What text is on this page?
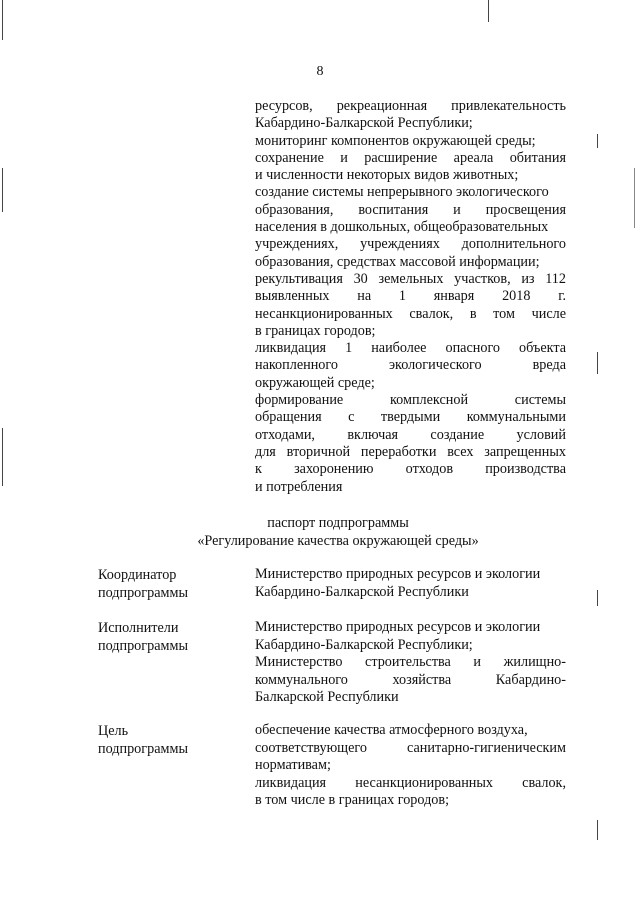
8
ресурсов, рекреационная привлекательность
Кабардино-Балкарской Республики;
мониторинг компонентов окружающей среды;
сохранение и расширение ареала обитания
и численности некоторых видов животных;
создание системы непрерывного экологического
образования, воспитания и просвещения
населения в дошкольных, общеобразовательных
учреждениях, учреждениях дополнительного
образования, средствах массовой информации;
рекультивация 30 земельных участков, из 112
выявленных на 1 января 2018 г.
несанкционированных свалок, в том числе
в границах городов;
ликвидация 1 наиболее опасного объекта
накопленного экологического вреда
окружающей среде;
формирование комплексной системы
обращения с твердыми коммунальными
отходами, включая создание условий
для вторичной переработки всех запрещенных
к захоронению отходов производства
и потребления
паспорт подпрограммы
«Регулирование качества окружающей среды»
Координатор
подпрограммы
Министерство природных ресурсов и экологии
Кабардино-Балкарской Республики
Исполнители
подпрограммы
Министерство природных ресурсов и экологии
Кабардино-Балкарской Республики;
Министерство строительства и жилищно-
коммунального хозяйства Кабардино-
Балкарской Республики
Цель
подпрограммы
обеспечение качества атмосферного воздуха,
соответствующего санитарно-гигиеническим
нормативам;
ликвидация несанкционированных свалок,
в том числе в границах городов;
